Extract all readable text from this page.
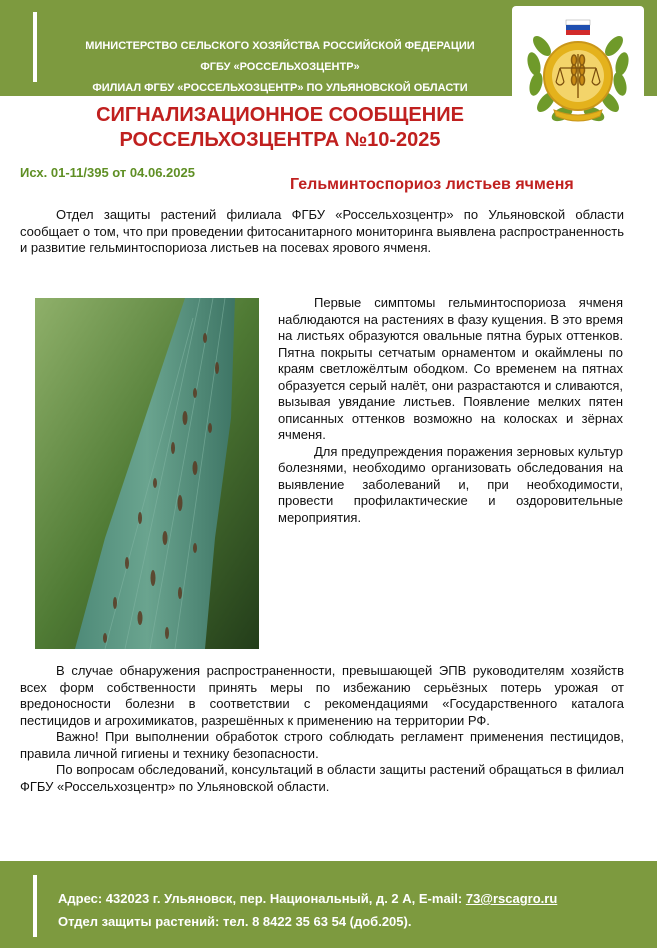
МИНИСТЕРСТВО СЕЛЬСКОГО ХОЗЯЙСТВА РОССИЙСКОЙ ФЕДЕРАЦИИ
ФГБУ «РОССЕЛЬХОЗЦЕНТР»
ФИЛИАЛ ФГБУ «РОССЕЛЬХОЗЦЕНТР» ПО УЛЬЯНОВСКОЙ ОБЛАСТИ
СИГНАЛИЗАЦИОННОЕ СООБЩЕНИЕ
РОССЕЛЬХОЗЦЕНТРА №10-2025
Исх. 01-11/395 от 04.06.2025
Гельминтоспориоз листьев ячменя

Отдел защиты растений филиала ФГБУ «Россельхозцентр» по Ульяновской области сообщает о том, что при проведении фитосанитарного мониторинга выявлена распространенность и развитие гельминтоспориоза листьев на посевах ярового ячменя.

Первые симптомы гельминтоспориоза ячменя наблюдаются на растениях в фазу кущения. В это время на листьях образуются овальные пятна бурых оттенков. Пятна покрыты сетчатым орнаментом и окаймлены по краям светложёлтым ободком. Со временем на пятнах образуется серый налёт, они разрастаются и сливаются, вызывая увядание листьев. Появление мелких пятен описанных оттенков возможно на колосках и зёрнах ячменя.

Для предупреждения поражения зерновых культур болезнями, необходимо организовать обследования на выявление заболеваний и, при необходимости, провести профилактические и оздоровительные мероприятия.

В случае обнаружения распространенности, превышающей ЭПВ руководителям хозяйств всех форм собственности принять меры по избежанию серьёзных потерь урожая от вредоносности болезни в соответствии с рекомендациями «Государственного каталога пестицидов и агрохимикатов, разрешённых к применению на территории РФ.

Важно! При выполнении обработок строго соблюдать регламент применения пестицидов, правила личной гигиены и технику безопасности.

По вопросам обследований, консультаций в области защиты растений обращаться в филиал ФГБУ «Россельхозцентр» по Ульяновской области.

Адрес: 432023 г. Ульяновск, пер. Национальный, д. 2 А, E-mail: 73@rscagro.ru
Отдел защиты растений: тел. 8 8422 35 63 54 (доб.205).
